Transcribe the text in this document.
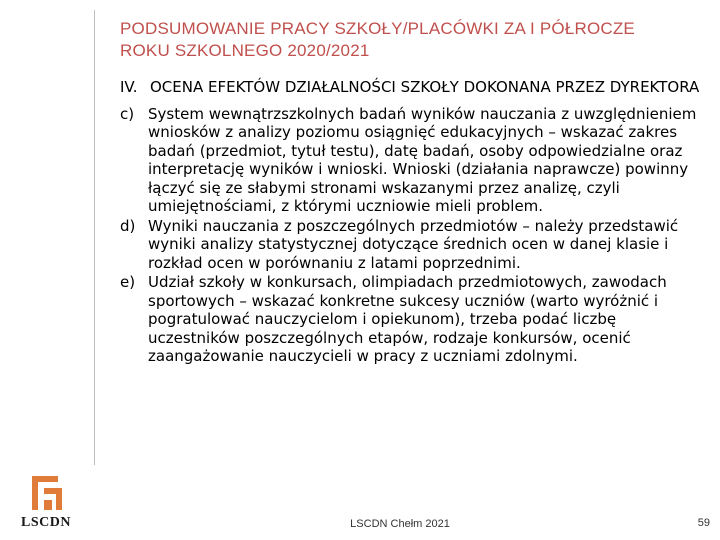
PODSUMOWANIE PRACY SZKOŁY/PLACÓWKI ZA I PÓŁROCZE ROKU SZKOLNEGO 2020/2021
IV. OCENA EFEKTÓW DZIAŁALNOŚCI SZKOŁY DOKONANA PRZEZ DYREKTORA
c) System wewnątrzszkolnych badań wyników nauczania z uwzględnieniem wniosków z analizy poziomu osiągnięć edukacyjnych – wskazać zakres badań (przedmiot, tytuł testu), datę badań, osoby odpowiedzialne oraz interpretację wyników i wnioski. Wnioski (działania naprawcze) powinny łączyć się ze słabymi stronami wskazanymi przez analizę, czyli umiejętnościami, z którymi uczniowie mieli problem.
d) Wyniki nauczania z poszczególnych przedmiotów – należy przedstawić wyniki analizy statystycznej dotyczące średnich ocen w danej klasie i rozkład ocen w porównaniu z latami poprzednimi.
e) Udział szkoły w konkursach, olimpiadach przedmiotowych, zawodach sportowych – wskazać konkretne sukcesy uczniów (warto wyróżnić i pogratulować nauczycielom i opiekunom), trzeba podać liczbę uczestników poszczególnych etapów, rodzaje konkursów, ocenić zaangażowanie nauczycieli w pracy z uczniami zdolnymi.
LSCDN	LSCDN Chełm 2021	59
